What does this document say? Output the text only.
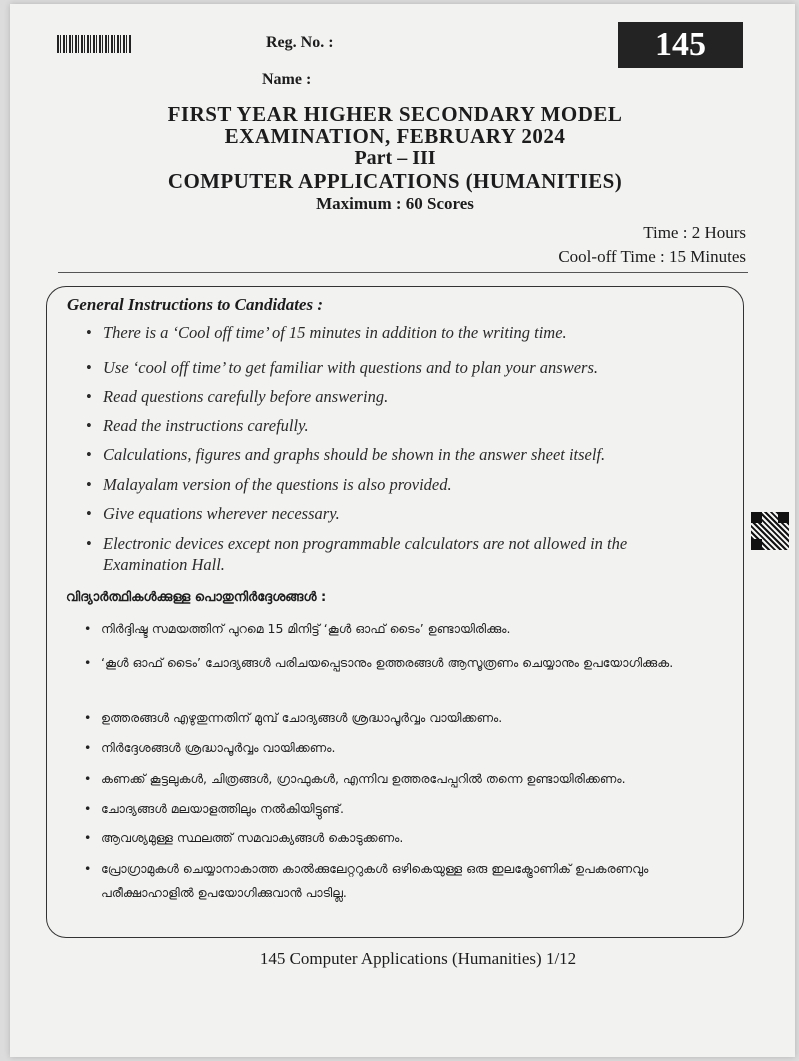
Reg. No. :
Name :
145
FIRST YEAR HIGHER SECONDARY MODEL
EXAMINATION, FEBRUARY 2024
Part – III
COMPUTER APPLICATIONS (HUMANITIES)
Maximum : 60 Scores
Time : 2 Hours
Cool-off Time : 15 Minutes
General Instructions to Candidates :
• There is a ‘Cool off time’ of 15 minutes in addition to the writing time.
• Use ‘cool off time’ to get familiar with questions and to plan your answers.
• Read questions carefully before answering.
• Read the instructions carefully.
• Calculations, figures and graphs should be shown in the answer sheet itself.
• Malayalam version of the questions is also provided.
• Give equations wherever necessary.
• Electronic devices except non programmable calculators are not allowed in the Examination Hall.
വിദ്യാർത്ഥികൾക്കുള്ള പൊതുനിർദ്ദേശങ്ങൾ :
• നിർദ്ദിഷ്ട സമയത്തിന് പുറമെ 15 മിനിട്ട് ‘കൂൾ ഓഫ് ടൈം’ ഉണ്ടായിരിക്കും.
• ‘കൂൾ ഓഫ് ടൈം’ ചോദ്യങ്ങൾ പരിചയപ്പെടാനും ഉത്തരങ്ങൾ ആസൂത്രണം ചെയ്യാനും ഉപയോഗിക്കുക.
• ഉത്തരങ്ങൾ എഴുതുന്നതിന് മുമ്പ് ചോദ്യങ്ങൾ ശ്രദ്ധാപൂർവ്വം വായിക്കണം.
• നിർദ്ദേശങ്ങൾ ശ്രദ്ധാപൂർവ്വം വായിക്കണം.
• കണക്ക് കൂട്ടലുകൾ, ചിത്രങ്ങൾ, ഗ്രാഫുകൾ, എന്നിവ ഉത്തരപേപ്പറിൽ തന്നെ ഉണ്ടായിരിക്കണം.
• ചോദ്യങ്ങൾ മലയാളത്തിലും നൽകിയിട്ടുണ്ട്.
• ആവശ്യമുള്ള സ്ഥലത്ത് സമവാക്യങ്ങൾ കൊടുക്കണം.
• പ്രോഗ്രാമുകൾ ചെയ്യാനാകാത്ത കാൽക്കുലേറ്ററുകൾ ഒഴികെയുള്ള ഒരു ഇലക്ട്രോണിക് ഉപകരണവും പരീക്ഷാഹാളിൽ ഉപയോഗിക്കുവാൻ പാടില്ല.
145 Computer Applications (Humanities) 1/12
